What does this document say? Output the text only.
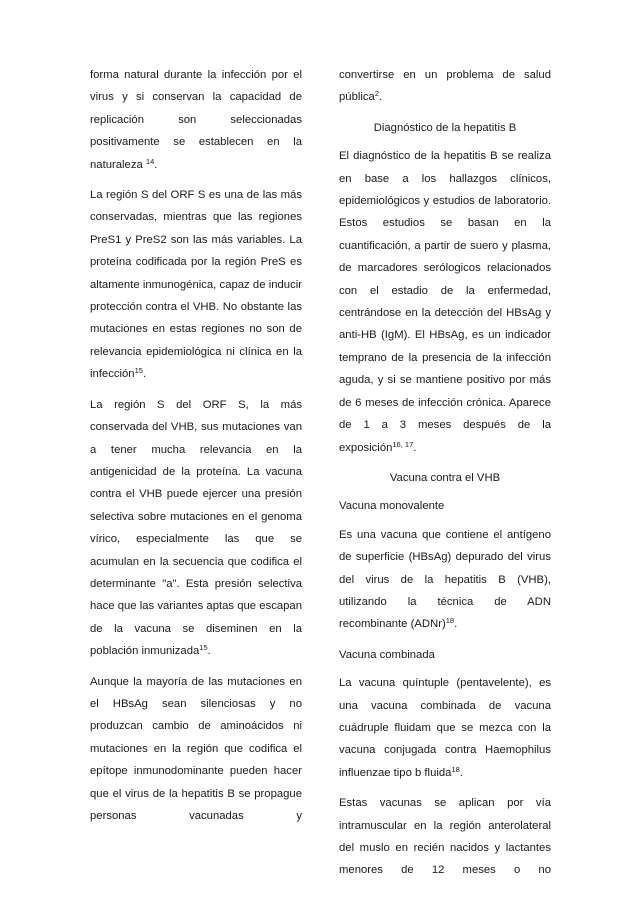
forma natural durante la infección por el virus y si conservan la capacidad de replicación son seleccionadas positivamente se establecen en la naturaleza $^{14}$.

La región S del ORF S es una de las más conservadas, mientras que las regiones PreS1 y PreS2 son las más variables. La proteína codificada por la región PreS es altamente inmunogénica, capaz de inducir protección contra el VHB. No obstante las mutaciones en estas regiones no son de relevancia epidemiológica ni clínica en la infección$^{15}$.

La región S del ORF S, la más conservada del VHB, sus mutaciones van a tener mucha relevancia en la antigenicidad de la proteína. La vacuna contra el VHB puede ejercer una presión selectiva sobre mutaciones en el genoma vírico, especialmente las que se acumulan en la secuencia que codifica el determinante "a". Esta presión selectiva hace que las variantes aptas que escapan de la vacuna se diseminen en la población inmunizada$^{15}$.

Aunque la mayoría de las mutaciones en el HBsAg sean silenciosas y no produzcan cambio de aminoácidos ni mutaciones en la región que codifica el epítope inmunodominante pueden hacer que el virus de la hepatitis B se propague personas vacunadas y

convertirse en un problema de salud pública$^2$.

Diagnóstico de la hepatitis B

El diagnóstico de la hepatitis B se realiza en base a los hallazgos clínicos, epidemiológicos y estudios de laboratorio. Estos estudios se basan en la cuantificación, a partir de suero y plasma, de marcadores serólogicos relacionados con el estadio de la enfermedad, centrándose en la detección del HBsAg y anti-HB (IgM). El HBsAg, es un indicador temprano de la presencia de la infección aguda, y si se mantiene positivo por más de 6 meses de infección crónica. Aparece de 1 a 3 meses después de la exposición$^{16, 17}$.

Vacuna contra el VHB
Vacuna monovalente

Es una vacuna que contiene el antígeno de superficie (HBsAg) depurado del virus del virus de la hepatitis B (VHB), utilizando la técnica de ADN recombinante (ADNr)$^{18}$.

Vacuna combinada

La vacuna quíntuple (pentavelente), es una vacuna combinada de vacuna cuádruple fluidam que se mezca con la vacuna conjugada contra Haemophilus influenzae tipo b fluida$^{18}$.

Estas vacunas se aplican por vía intramuscular en la región anterolateral del muslo en recién nacidos y lactantes menores de 12 meses o no
